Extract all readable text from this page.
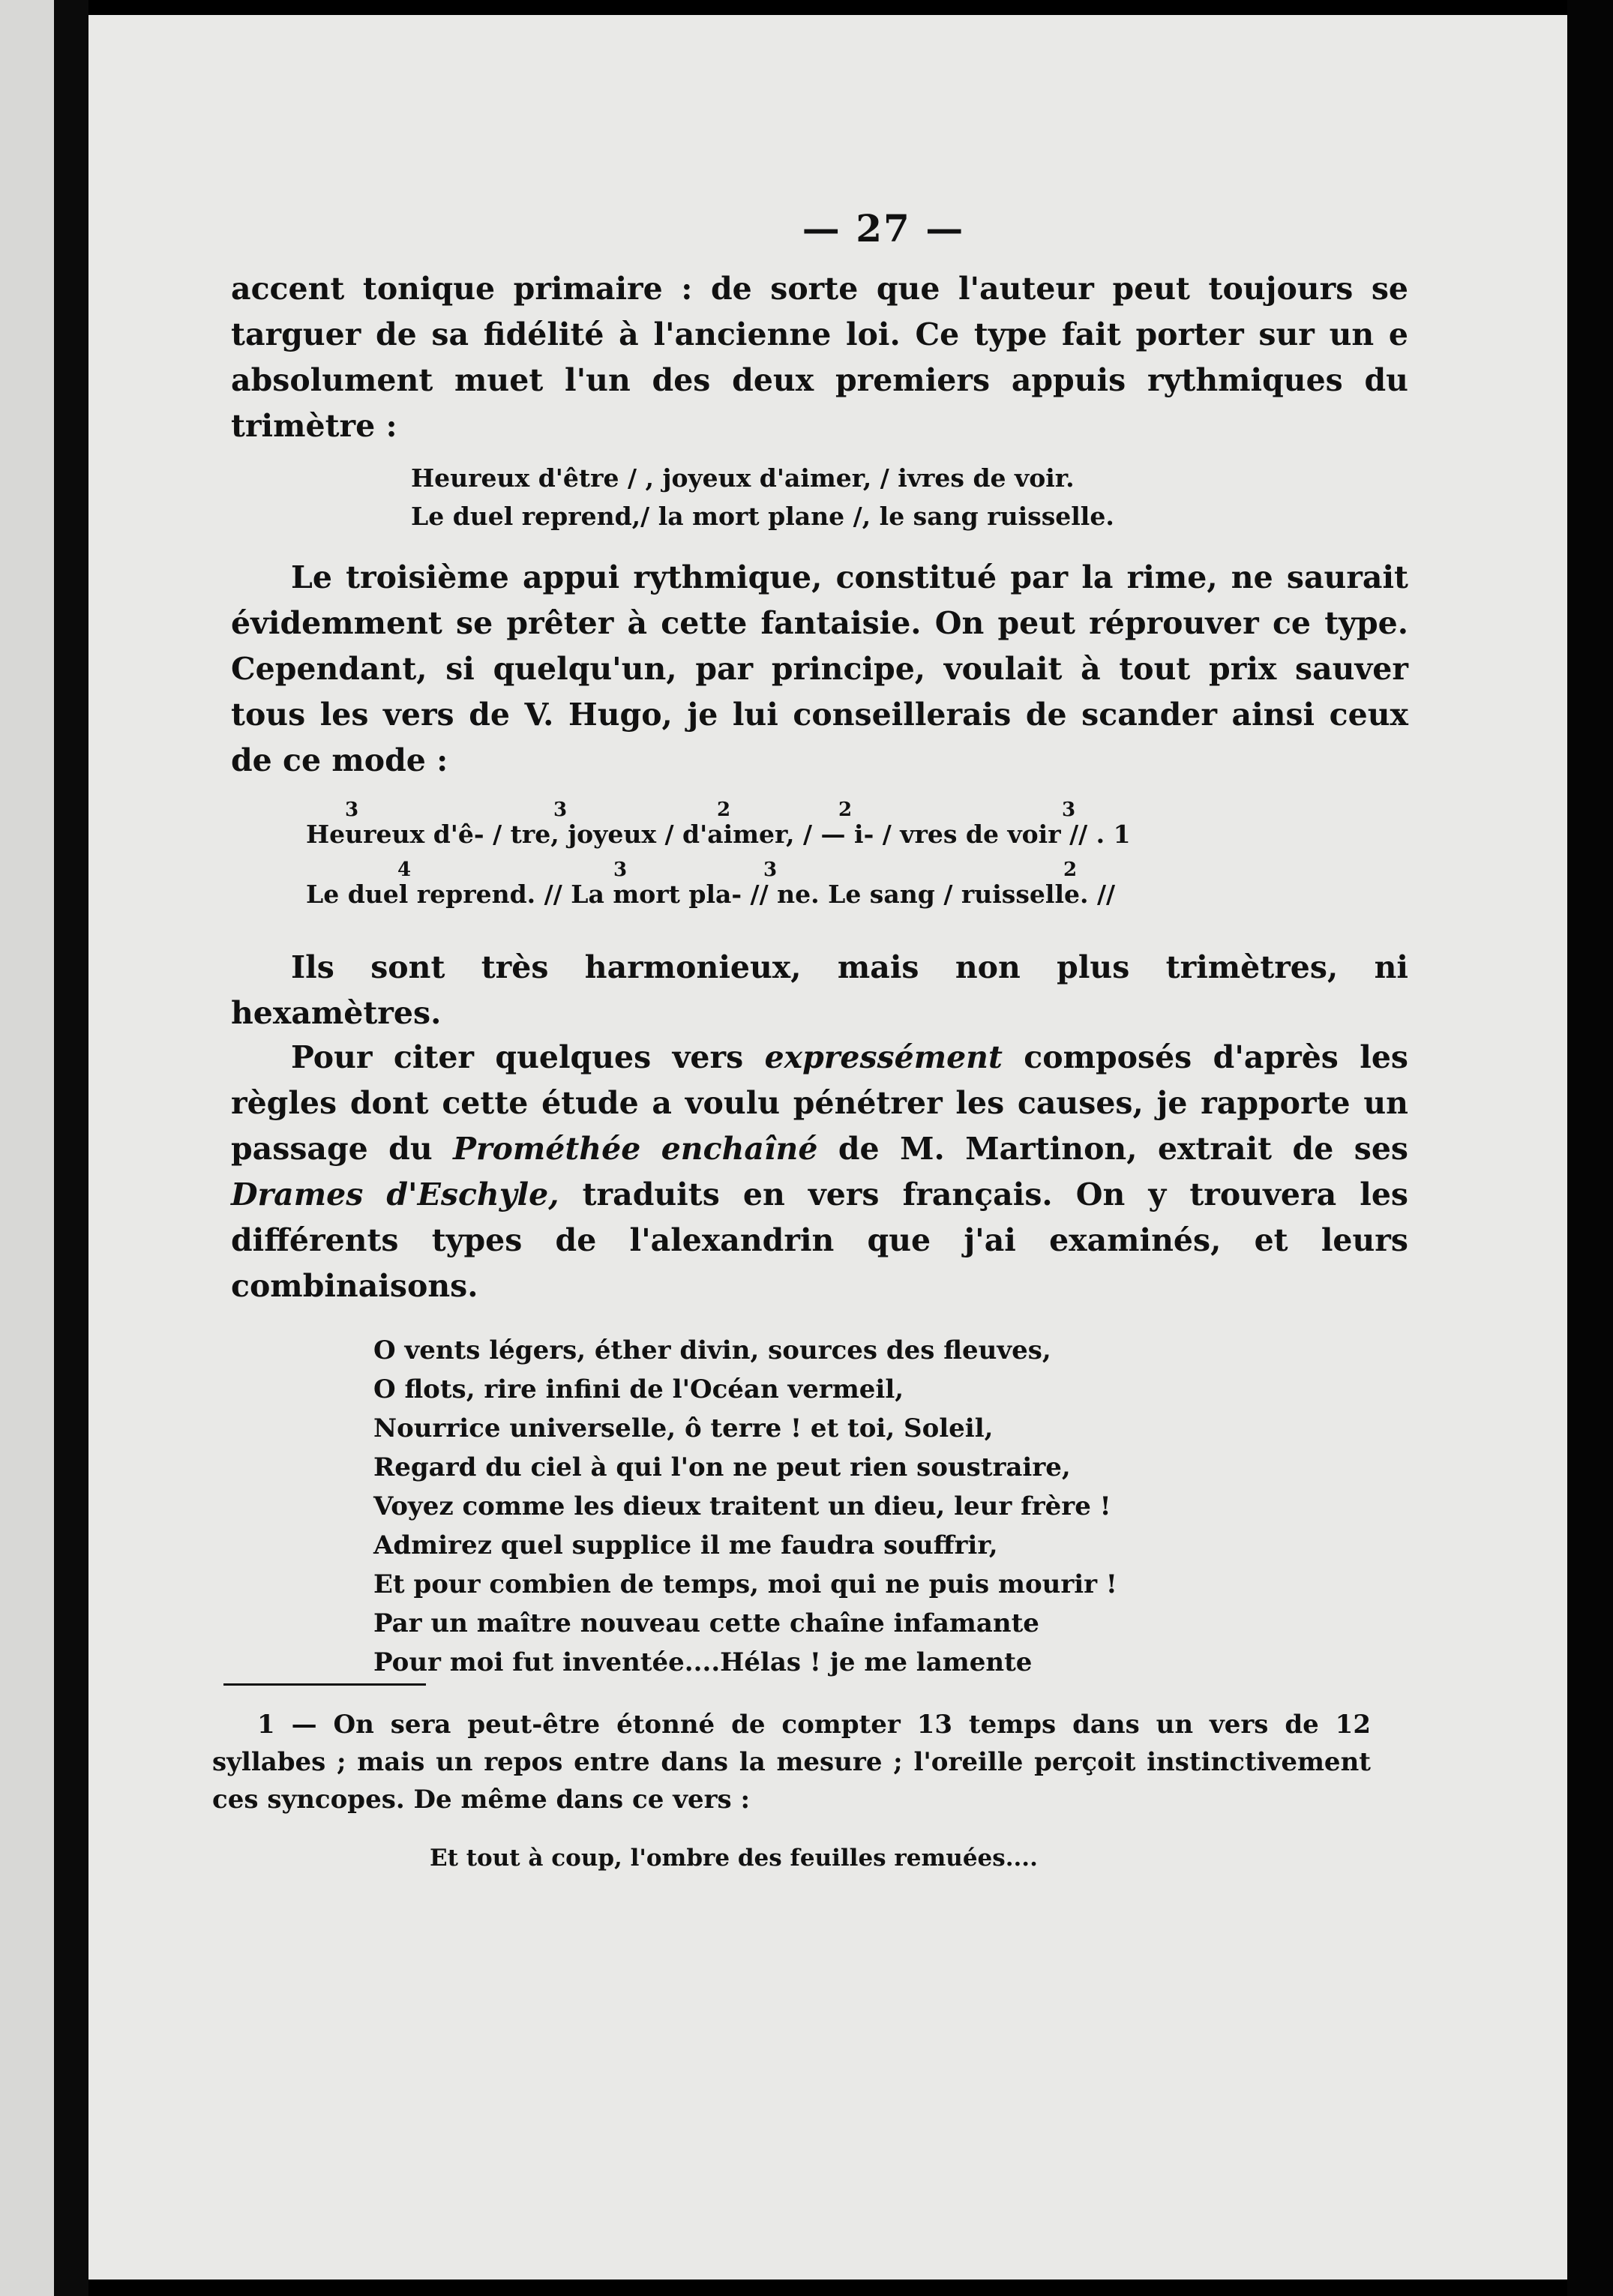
— 27 —

accent tonique primaire : de sorte que l'auteur peut toujours se targuer de sa fidélité à l'ancienne loi. Ce type fait porter sur un e absolument muet l'un des deux premiers appuis rythmiques du trimètre :

Heureux d'être / , joyeux d'aimer, / ivres de voir.
Le duel reprend,/ la mort plane /, le sang ruisselle.

Le troisième appui rythmique, constitué par la rime, ne saurait évidemment se prêter à cette fantaisie. On peut réprouver ce type. Cependant, si quelqu'un, par principe, voulait à tout prix sauver tous les vers de V. Hugo, je lui conseillerais de scander ainsi ceux de ce mode :

3	3	2	2	3
Heureux d'ê- / tre, joyeux / d'aimer, / — i- / vres de voir // . 1
4	3	3	2
Le duel reprend. // La mort pla- // ne. Le sang / ruisselle. //

Ils sont très harmonieux, mais non plus trimètres, ni hexamètres.

Pour citer quelques vers expressément composés d'après les règles dont cette étude a voulu pénétrer les causes, je rapporte un passage du Prométhée enchaîné de M. Martinon, extrait de ses Drames d'Eschyle, traduits en vers français. On y trouvera les différents types de l'alexandrin que j'ai examinés, et leurs combinaisons.

O vents légers, éther divin, sources des fleuves,
O flots, rire infini de l'Océan vermeil,
Nourrice universelle, ô terre ! et toi, Soleil,
Regard du ciel à qui l'on ne peut rien soustraire,
Voyez comme les dieux traitent un dieu, leur frère !
Admirez quel supplice il me faudra souffrir,
Et pour combien de temps, moi qui ne puis mourir !
Par un maître nouveau cette chaîne infamante
Pour moi fut inventée....Hélas ! je me lamente

1 — On sera peut-être étonné de compter 13 temps dans un vers de 12 syllabes ; mais un repos entre dans la mesure ; l'oreille perçoit instinctivement ces syncopes. De même dans ce vers :

Et tout à coup, l'ombre des feuilles remuées....
